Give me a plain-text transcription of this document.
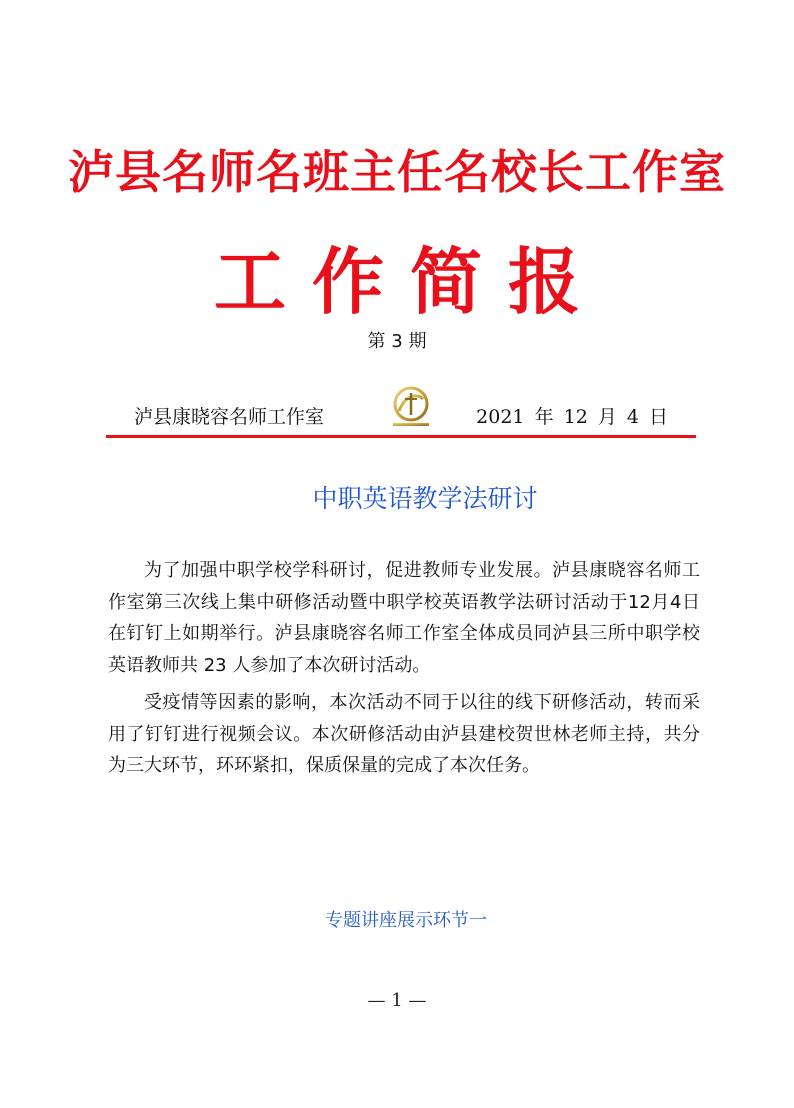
泸县名师名班主任名校长工作室
工作简报
第 3 期
泸县康晓容名师工作室	2021 年 12 月 4 日
中职英语教学法研讨

为了加强中职学校学科研讨，促进教师专业发展。泸县康晓容名师工作室第三次线上集中研修活动暨中职学校英语教学法研讨活动于12月4日在钉钉上如期举行。泸县康晓容名师工作室全体成员同泸县三所中职学校英语教师共 23 人参加了本次研讨活动。

受疫情等因素的影响，本次活动不同于以往的线下研修活动，转而采用了钉钉进行视频会议。本次研修活动由泸县建校贺世林老师主持，共分为三大环节，环环紧扣，保质保量的完成了本次任务。

专题讲座展示环节一
— 1 —
